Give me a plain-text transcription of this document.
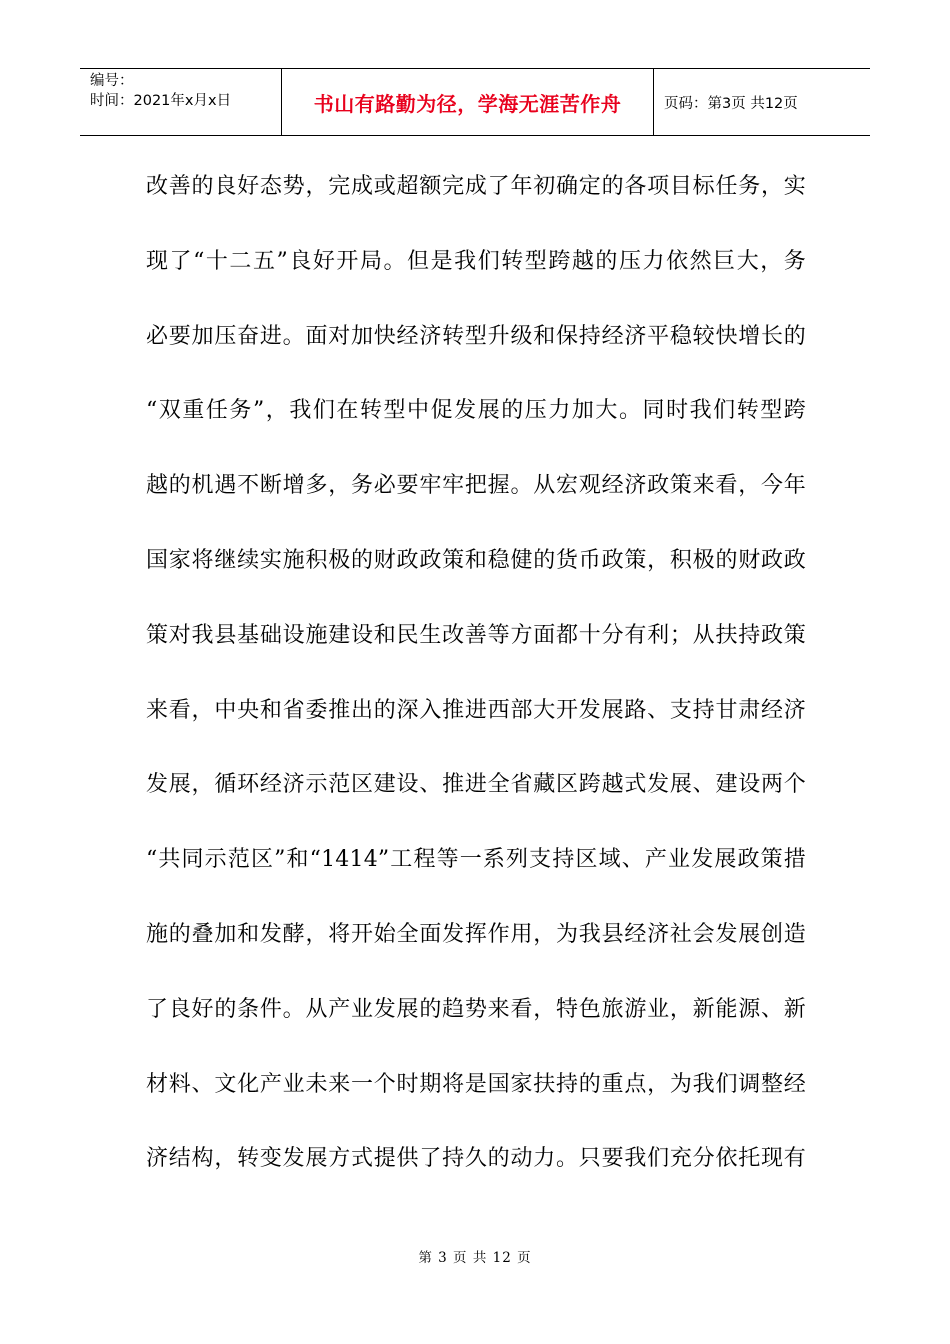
编号：
时间：2021年x月x日	书山有路勤为径，学海无涯苦作舟	页码：第3页 共12页
改善的良好态势，完成或超额完成了年初确定的各项目标任务，实
现了“十二五”良好开局。但是我们转型跨越的压力依然巨大，务
必要加压奋进。面对加快经济转型升级和保持经济平稳较快增长的
“双重任务”，我们在转型中促发展的压力加大。同时我们转型跨
越的机遇不断增多，务必要牢牢把握。从宏观经济政策来看，今年
国家将继续实施积极的财政政策和稳健的货币政策，积极的财政政
策对我县基础设施建设和民生改善等方面都十分有利；从扶持政策
来看，中央和省委推出的深入推进西部大开发展路、支持甘肃经济
发展，循环经济示范区建设、推进全省藏区跨越式发展、建设两个
“共同示范区”和“1414”工程等一系列支持区域、产业发展政策措
施的叠加和发酵，将开始全面发挥作用，为我县经济社会发展创造
了良好的条件。从产业发展的趋势来看，特色旅游业，新能源、新
材料、文化产业未来一个时期将是国家扶持的重点，为我们调整经
济结构，转变发展方式提供了持久的动力。只要我们充分依托现有
第 3 页 共 12 页
